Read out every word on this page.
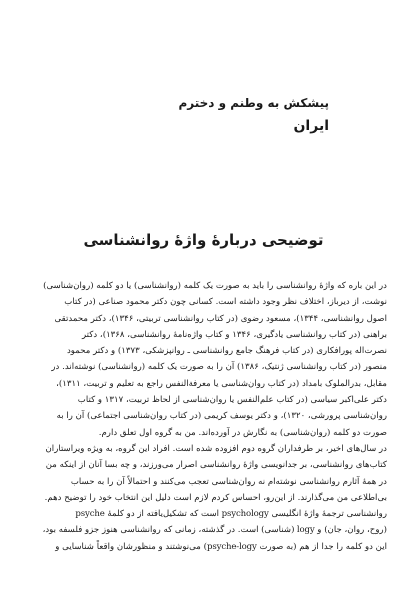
پیشکش به وطنم و دخترم

ایران

توضیحی دربارهٔ واژهٔ روانشناسی
در این باره که واژهٔ روانشناسی را باید به صورت یک کلمه (روانشناسی) یا دو کلمه (روان‌شناسی)
نوشت، از دیرباز، اختلاف نظر وجود داشته است. کسانی چون دکتر محمود صناعی (در کتاب
اصول روانشناسی، ۱۳۴۴)، مسعود رضوی (در کتاب روانشناسی تربیتی، ۱۳۴۶)، دکتر محمدتقی
براهنی (در کتاب روانشناسی یادگیری، ۱۳۴۶ و کتاب واژه‌نامهٔ روانشناسی، ۱۳۶۸)، دکتر
نصرت‌اله پورافکاری (در کتاب فرهنگ جامع روانشناسی ـ روانپزشکی، ۱۳۷۳) و دکتر محمود
منصور (در کتاب روانشناسی ژنتیک، ۱۳۸۶) آن را به صورت یک کلمه (روانشناسی) نوشته‌اند. در
مقابل، بدرالملوک بامداد (در کتاب روان‌شناسی یا معرفةالنفس راجع به تعلیم و تربیت، ۱۳۱۱)،
دکتر علی‌اکبر سیاسی (در کتاب علم‌النفس یا روان‌شناسی از لحاظ تربیت، ۱۳۱۷ و کتاب
روان‌شناسی پرورشی، ۱۳۲۰)، و دکتر یوسف کریمی (در کتاب روان‌شناسی اجتماعی) آن را به
صورت دو کلمه (روان‌شناسی) به نگارش در آورده‌اند. من به گروه اول تعلق دارم.
در سال‌های اخیر، بر طرفداران گروه دوم افزوده شده است. افراد این گروه، به ویژه ویراستاران
کتاب‌های روانشناسی، بر جدانویسی واژهٔ روانشناسی اصرار می‌ورزند، و چه بسا آنان از اینکه من
در همهٔ آثارم روانشناسی نوشته‌ام نه روان‌شناسی تعجب می‌کنند و احتمالاً آن را به حساب
بی‌اطلاعی من می‌گذارند. از این‌رو، احساس کردم لازم است دلیل این انتخاب خود را توضیح دهم.
روانشناسی ترجمهٔ واژهٔ انگلیسی psychology است که تشکیل‌یافته از دو کلمهٔ psyche
(روح، روان، جان) و logy (شناسی) است. در گذشته، زمانی که روانشناسی هنوز جزو فلسفه بود،
این دو کلمه را جدا از هم (به صورت psyche-logy) می‌نوشتند و منظورشان واقعاً شناسایی و
